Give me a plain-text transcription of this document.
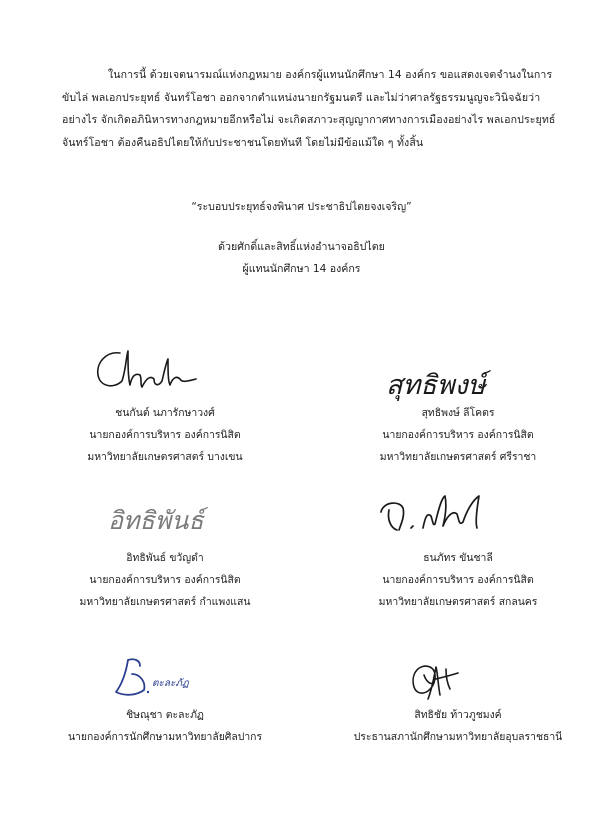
ในการนี้ ด้วยเจตนารมณ์แห่งกฎหมาย องค์กรผู้แทนนักศึกษา 14 องค์กร ขอแสดงเจตจำนงในการ
ขับไล่ พลเอกประยุทธ์ จันทร์โอชา ออกจากตำแหน่งนายกรัฐมนตรี และไม่ว่าศาลรัฐธรรมนูญจะวินิจฉัยว่า
อย่างไร จักเกิดอภินิหารทางกฎหมายอีกหรือไม่ จะเกิดสภาวะสุญญากาศทางการเมืองอย่างไร พลเอกประยุทธ์
จันทร์โอชา ต้องคืนอธิปไตยให้กับประชาชนโดยทันที โดยไม่มีข้อแม้ใด ๆ ทั้งสิ้น
“ระบอบประยุทธ์จงพินาศ ประชาธิปไตยจงเจริญ”
ด้วยศักดิ์และสิทธิ์แห่งอำนาจอธิปไตย
ผู้แทนนักศึกษา 14 องค์กร
ชนกันต์ นภารักษาวงศ์
นายกองค์การบริหาร องค์การนิสิต
มหาวิทยาลัยเกษตรศาสตร์ บางเขน
สุทธิพงษ์
สุทธิพงษ์ ลีโคตร
นายกองค์การบริหาร องค์การนิสิต
มหาวิทยาลัยเกษตรศาสตร์ ศรีราชา
อิทธิพันธ์
อิทธิพันธ์ ขวัญดำ
นายกองค์การบริหาร องค์การนิสิต
มหาวิทยาลัยเกษตรศาสตร์ กำแพงแสน
ธนภัทร ขันชาลี
นายกองค์การบริหาร องค์การนิสิต
มหาวิทยาลัยเกษตรศาสตร์ สกลนคร
ตะละภัฏ
ชิษณุชา ตะละภัฏ
นายกองค์การนักศึกษามหาวิทยาลัยศิลปากร
สิทธิชัย ท้าวภูชมงค์
ประธานสภานักศึกษามหาวิทยาลัยอุบลราชธานี
